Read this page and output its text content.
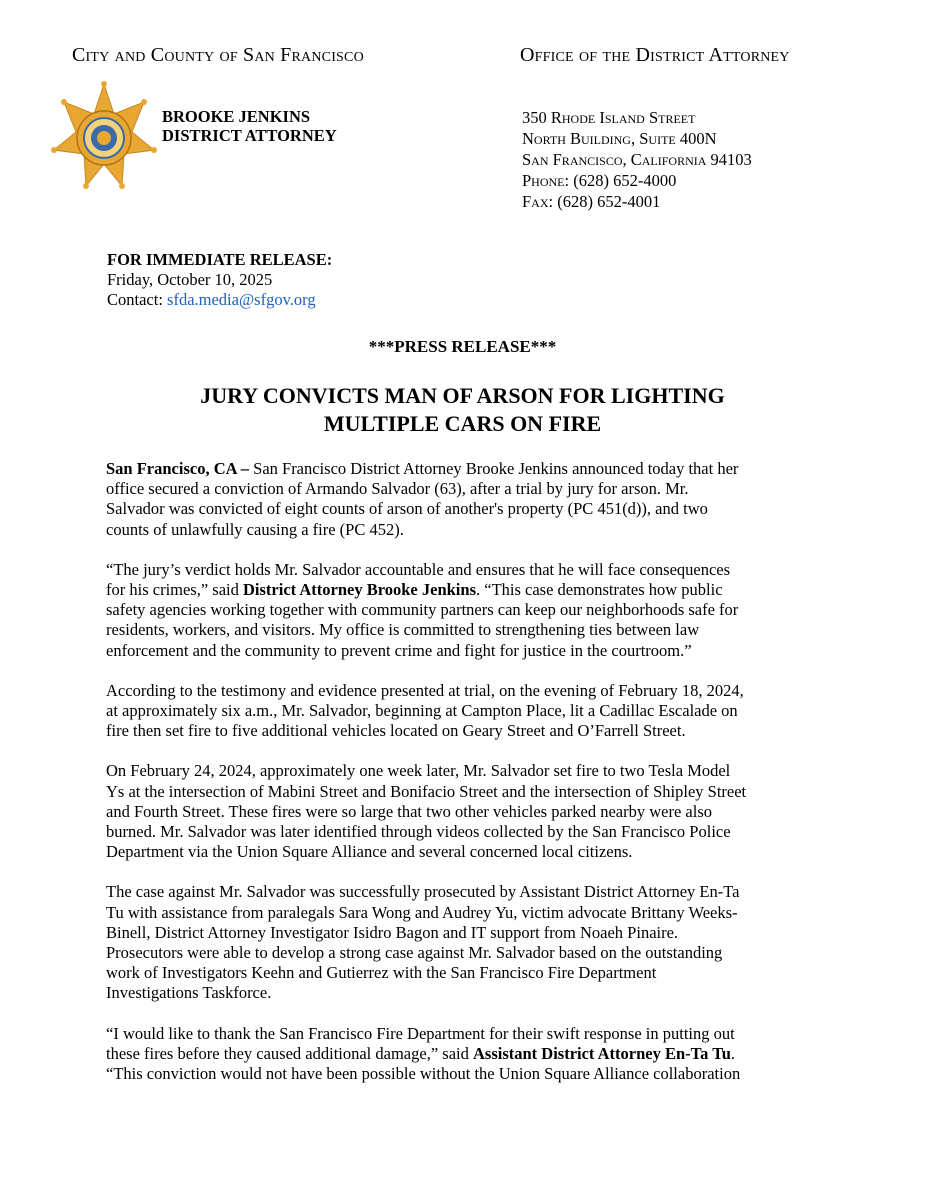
City and County of San Francisco	Office of the District Attorney
BROOKE JENKINS
DISTRICT ATTORNEY
350 Rhode Island Street
North Building, Suite 400N
San Francisco, California 94103
Phone: (628) 652-4000
Fax: (628) 652-4001
FOR IMMEDIATE RELEASE:
Friday, October 10, 2025
Contact: sfda.media@sfgov.org
***PRESS RELEASE***
JURY CONVICTS MAN OF ARSON FOR LIGHTING
MULTIPLE CARS ON FIRE

San Francisco, CA – San Francisco District Attorney Brooke Jenkins announced today that her
office secured a conviction of Armando Salvador (63), after a trial by jury for arson. Mr.
Salvador was convicted of eight counts of arson of another's property (PC 451(d)), and two
counts of unlawfully causing a fire (PC 452).

“The jury’s verdict holds Mr. Salvador accountable and ensures that he will face consequences
for his crimes,” said District Attorney Brooke Jenkins. “This case demonstrates how public
safety agencies working together with community partners can keep our neighborhoods safe for
residents, workers, and visitors. My office is committed to strengthening ties between law
enforcement and the community to prevent crime and fight for justice in the courtroom.”

According to the testimony and evidence presented at trial, on the evening of February 18, 2024,
at approximately six a.m., Mr. Salvador, beginning at Campton Place, lit a Cadillac Escalade on
fire then set fire to five additional vehicles located on Geary Street and O’Farrell Street.

On February 24, 2024, approximately one week later, Mr. Salvador set fire to two Tesla Model
Ys at the intersection of Mabini Street and Bonifacio Street and the intersection of Shipley Street
and Fourth Street. These fires were so large that two other vehicles parked nearby were also
burned. Mr. Salvador was later identified through videos collected by the San Francisco Police
Department via the Union Square Alliance and several concerned local citizens.

The case against Mr. Salvador was successfully prosecuted by Assistant District Attorney En-Ta
Tu with assistance from paralegals Sara Wong and Audrey Yu, victim advocate Brittany Weeks-
Binell, District Attorney Investigator Isidro Bagon and IT support from Noaeh Pinaire.
Prosecutors were able to develop a strong case against Mr. Salvador based on the outstanding
work of Investigators Keehn and Gutierrez with the San Francisco Fire Department
Investigations Taskforce.

“I would like to thank the San Francisco Fire Department for their swift response in putting out
these fires before they caused additional damage,” said Assistant District Attorney En-Ta Tu.
“This conviction would not have been possible without the Union Square Alliance collaboration
